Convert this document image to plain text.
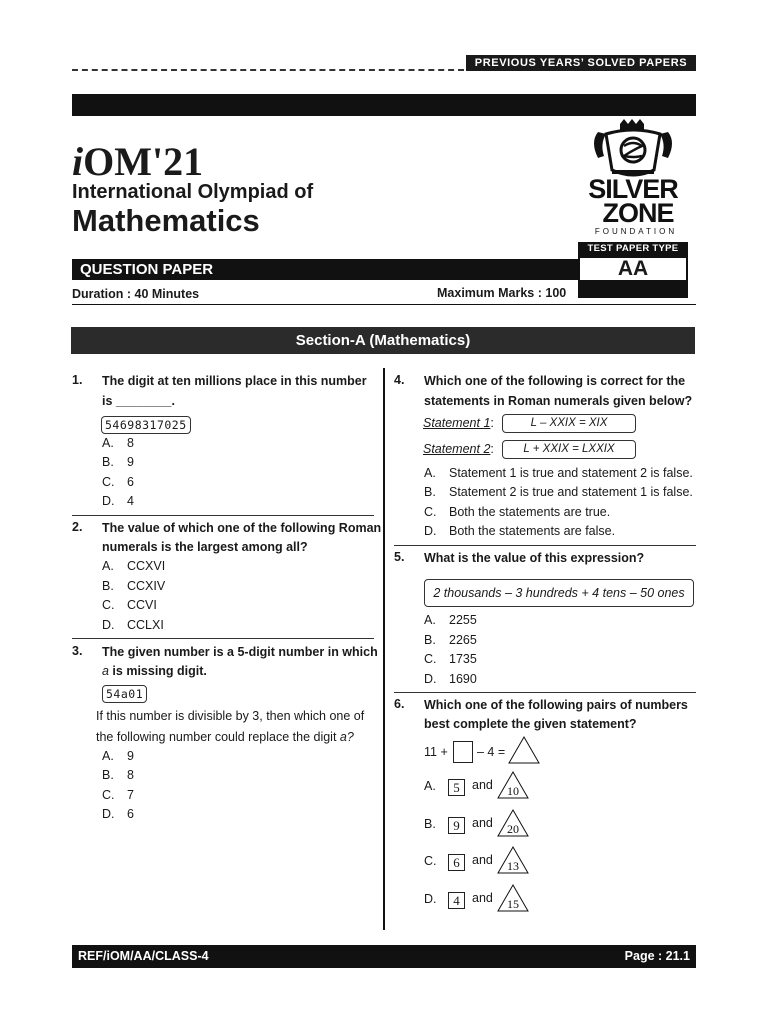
PREVIOUS YEARS’ SOLVED PAPERS
iOM'21
International Olympiad of
Mathematics
SILVER
ZONE
FOUNDATION
TEST PAPER TYPE
QUESTION PAPER	AA
Duration : 40 Minutes	Maximum Marks : 100
Section-A (Mathematics)
1. The digit at ten millions place in this number
is ________.
54698317025
A. 8
B. 9
C. 6
D. 4
2. The value of which one of the following Roman
numerals is the largest among all?
A. CCXVI
B. CCXIV
C. CCVI
D. CCLXI
3. The given number is a 5-digit number in which
a is missing digit.
54a01
If this number is divisible by 3, then which one of
the following number could replace the digit a?
A. 9
B. 8
C. 7
D. 6
4. Which one of the following is correct for the
statements in Roman numerals given below?
Statement 1:	L – XXIX = XIX
Statement 2:	L + XXIX = LXXIX
A. Statement 1 is true and statement 2 is false.
B. Statement 2 is true and statement 1 is false.
C. Both the statements are true.
D. Both the statements are false.
5. What is the value of this expression?
2 thousands – 3 hundreds + 4 tens – 50 ones
A. 2255
B. 2265
C. 1735
D. 1690
6. Which one of the following pairs of numbers
best complete the given statement?
11 + – 4 =
A.	5 and 10
B.	9 and 20
C.	6 and 13
D.	4 and 15
REF/iOM/AA/CLASS-4	Page : 21.1
